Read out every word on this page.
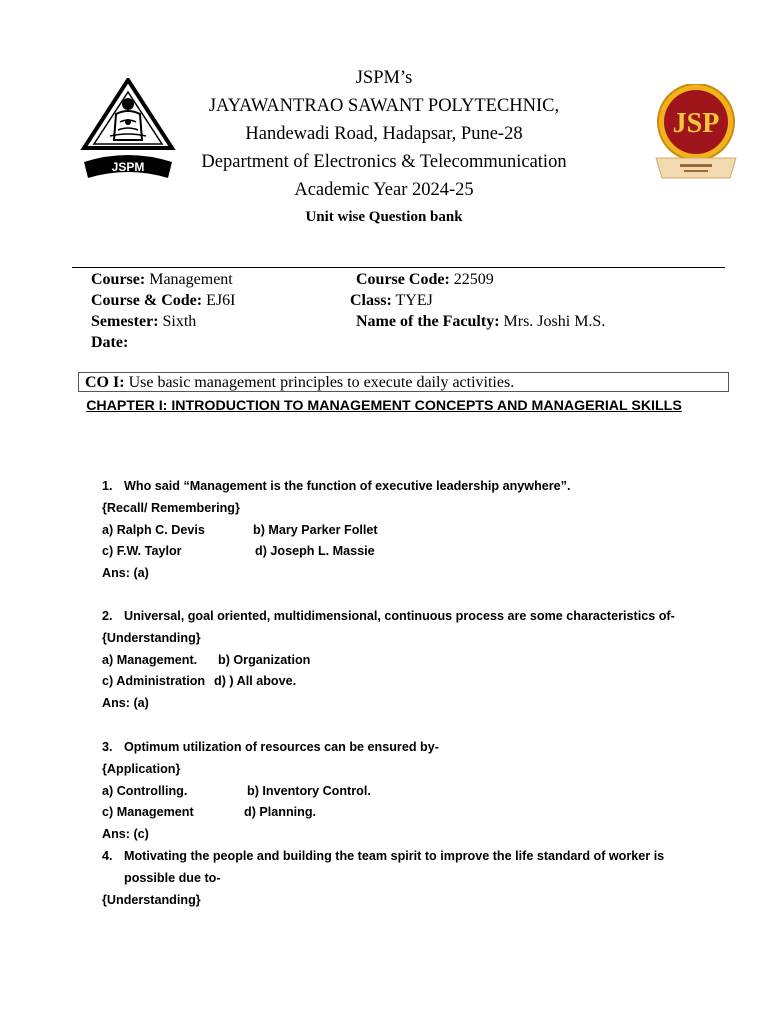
JSPM
JSP
JSPM’s
JAYAWANTRAO SAWANT POLYTECHNIC,
Handewadi Road, Hadapsar, Pune-28
Department of Electronics & Telecommunication
Academic Year 2024-25
Unit wise Question bank
Course: Management	Course Code: 22509
Course & Code: EJ6I	Class: TYEJ
Semester: Sixth	Name of the Faculty: Mrs. Joshi M.S.
Date:
CO I: Use basic management principles to execute daily activities.
CHAPTER I: INTRODUCTION TO MANAGEMENT CONCEPTS AND MANAGERIAL SKILLS
1. Who said “Management is the function of executive leadership anywhere”.
{Recall/ Remembering}
a) Ralph C. Devis	b) Mary Parker Follet
c) F.W. Taylor	d) Joseph L. Massie
Ans: (a)
2. Universal, goal oriented, multidimensional, continuous process are some characteristics of-
{Understanding}
a) Management. b) Organization
c) Administration d) ) All above.
Ans: (a)
3. Optimum utilization of resources can be ensured by-
{Application}
a) Controlling.	b) Inventory Control.
c) Management	d) Planning.
Ans: (c)
4. Motivating the people and building the team spirit to improve the life standard of worker is
possible due to-
{Understanding}
